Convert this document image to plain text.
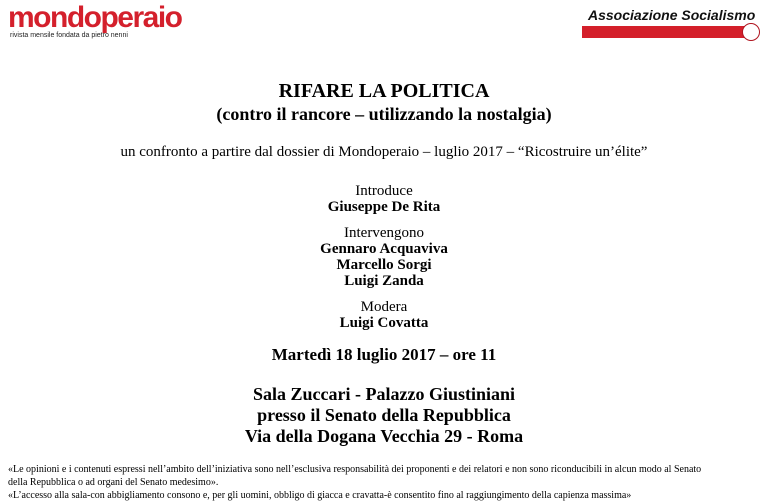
mondoperaio
rivista mensile fondata da pietro nenni
Associazione Socialismo
RIFARE LA POLITICA
(contro il rancore – utilizzando la nostalgia)
un confronto a partire dal dossier di Mondoperaio – luglio 2017 – “Ricostruire un’élite”
Introduce
Giuseppe De Rita
Intervengono
Gennaro Acquaviva
Marcello Sorgi
Luigi Zanda
Modera
Luigi Covatta
Martedì 18 luglio 2017 – ore 11
Sala Zuccari - Palazzo Giustiniani
presso il Senato della Repubblica
Via della Dogana Vecchia 29 - Roma
«Le opinioni e i contenuti espressi nell’ambito dell’iniziativa sono nell’esclusiva responsabilità dei proponenti e dei relatori e non sono riconducibili in alcun modo al Senato
della Repubblica o ad organi del Senato medesimo».
«L’accesso alla sala-con abbigliamento consono e, per gli uomini, obbligo di giacca e cravatta-è consentito fino al raggiungimento della capienza massima»
